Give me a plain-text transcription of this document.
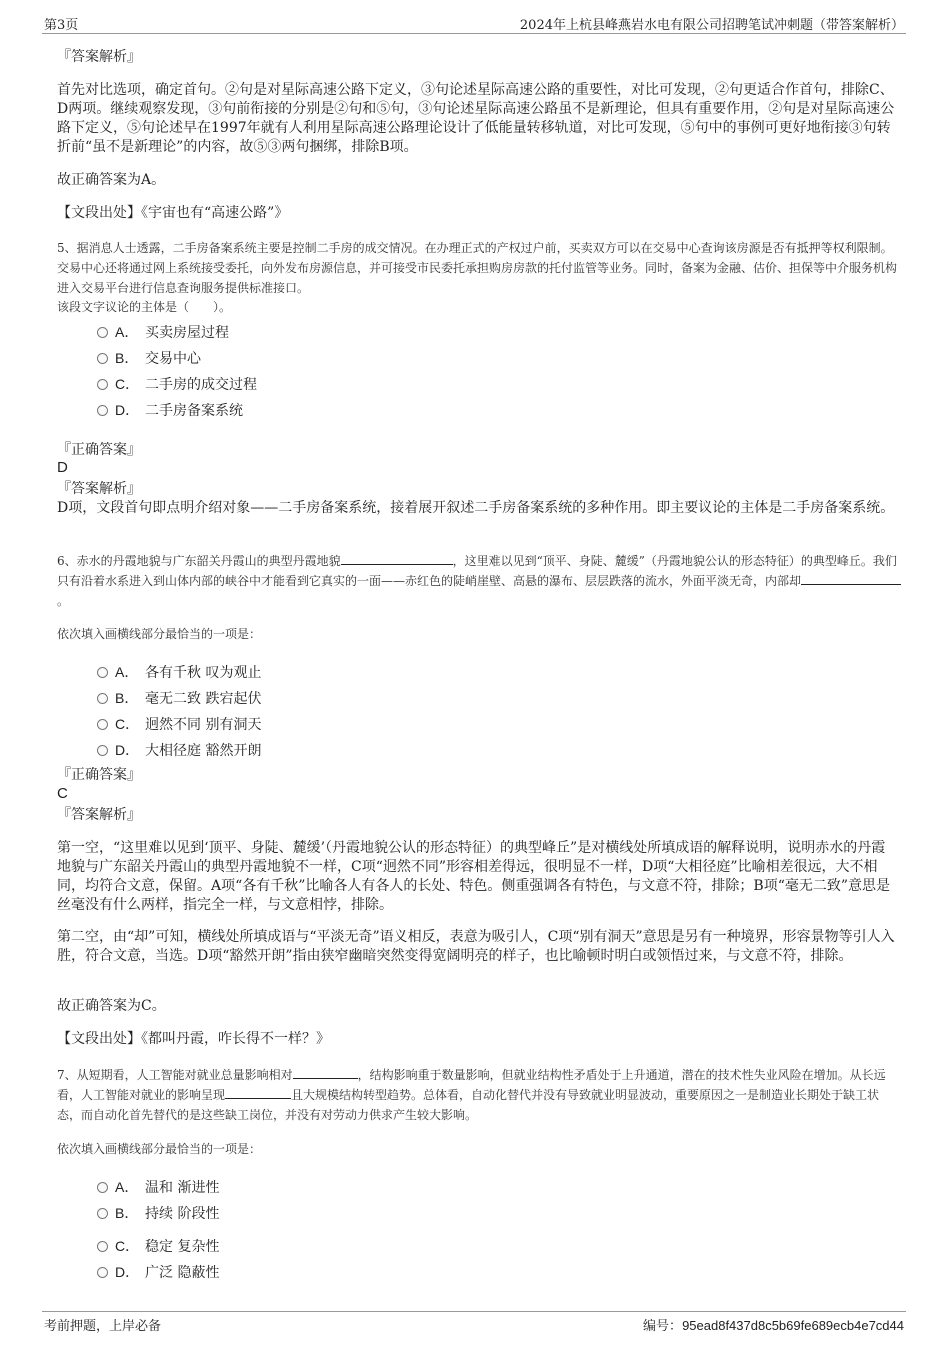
第3页	2024年上杭县峰燕岩水电有限公司招聘笔试冲刺题（带答案解析）
『答案解析』
首先对比选项，确定首句。②句是对星际高速公路下定义，③句论述星际高速公路的重要性，对比可发现，②句更适合作首句，排除C、D两项。继续观察发现，③句前衔接的分别是②句和⑤句，③句论述星际高速公路虽不是新理论，但具有重要作用，②句是对星际高速公路下定义，⑤句论述早在1997年就有人利用星际高速公路理论设计了低能量转移轨道，对比可发现，⑤句中的事例可更好地衔接③句转折前“虽不是新理论”的内容，故⑤③两句捆绑，排除B项。
故正确答案为A。
【文段出处】《宇宙也有“高速公路”》
5、据消息人士透露，二手房备案系统主要是控制二手房的成交情况。在办理正式的产权过户前，买卖双方可以在交易中心查询该房源是否有抵押等权利限制。交易中心还将通过网上系统接受委托，向外发布房源信息，并可接受市民委托承担购房房款的托付监管等业务。同时，备案为金融、估价、担保等中介服务机构进入交易平台进行信息查询服务提供标准接口。
该段文字议论的主体是（　　）。
A． 买卖房屋过程
B． 交易中心
C． 二手房的成交过程
D． 二手房备案系统
『正确答案』
D
『答案解析』
D项，文段首句即点明介绍对象——二手房备案系统，接着展开叙述二手房备案系统的多种作用。即主要议论的主体是二手房备案系统。
6、赤水的丹霞地貌与广东韶关丹霞山的典型丹霞地貌	，这里难以见到“顶平、身陡、麓缓”（丹霞地貌公认的形态特征）的典型峰丘。我们只有沿着水系进入到山体内部的峡谷中才能看到它真实的一面——赤红色的陡峭崖壁、高悬的瀑布、层层跌落的流水，外面平淡无奇，内部却。
依次填入画横线部分最恰当的一项是：
A． 各有千秋 叹为观止
B． 毫无二致 跌宕起伏
C． 迥然不同 别有洞天
D． 大相径庭 豁然开朗
『正确答案』
C
『答案解析』
第一空，“这里难以见到‘顶平、身陡、麓缓’（丹霞地貌公认的形态特征）的典型峰丘”是对横线处所填成语的解释说明，说明赤水的丹霞地貌与广东韶关丹霞山的典型丹霞地貌不一样，C项“迥然不同”形容相差得远，很明显不一样，D项“大相径庭”比喻相差很远，大不相同，均符合文意，保留。A项“各有千秋”比喻各人有各人的长处、特色。侧重强调各有特色，与文意不符，排除；B项“毫无二致”意思是丝毫没有什么两样，指完全一样，与文意相悖，排除。
第二空，由“却”可知，横线处所填成语与“平淡无奇”语义相反，表意为吸引人，C项“别有洞天”意思是另有一种境界，形容景物等引人入胜，符合文意，当选。D项“豁然开朗”指由狭窄幽暗突然变得宽阔明亮的样子，也比喻顿时明白或领悟过来，与文意不符，排除。
故正确答案为C。
【文段出处】《都叫丹霞，咋长得不一样？》
7、从短期看，人工智能对就业总量影响相对	，结构影响重于数量影响，但就业结构性矛盾处于上升通道，潜在的技术性失业风险在增加。从长远看，人工智能对就业的影响呈现	且大规模结构转型趋势。总体看，自动化替代并没有导致就业明显波动，重要原因之一是制造业长期处于缺工状态，而自动化首先替代的是这些缺工岗位，并没有对劳动力供求产生较大影响。
依次填入画横线部分最恰当的一项是：
A． 温和 渐进性
B． 持续 阶段性
C． 稳定 复杂性
D． 广泛 隐蔽性
考前押题，上岸必备	编号：95ead8f437d8c5b69fe689ecb4e7cd44
